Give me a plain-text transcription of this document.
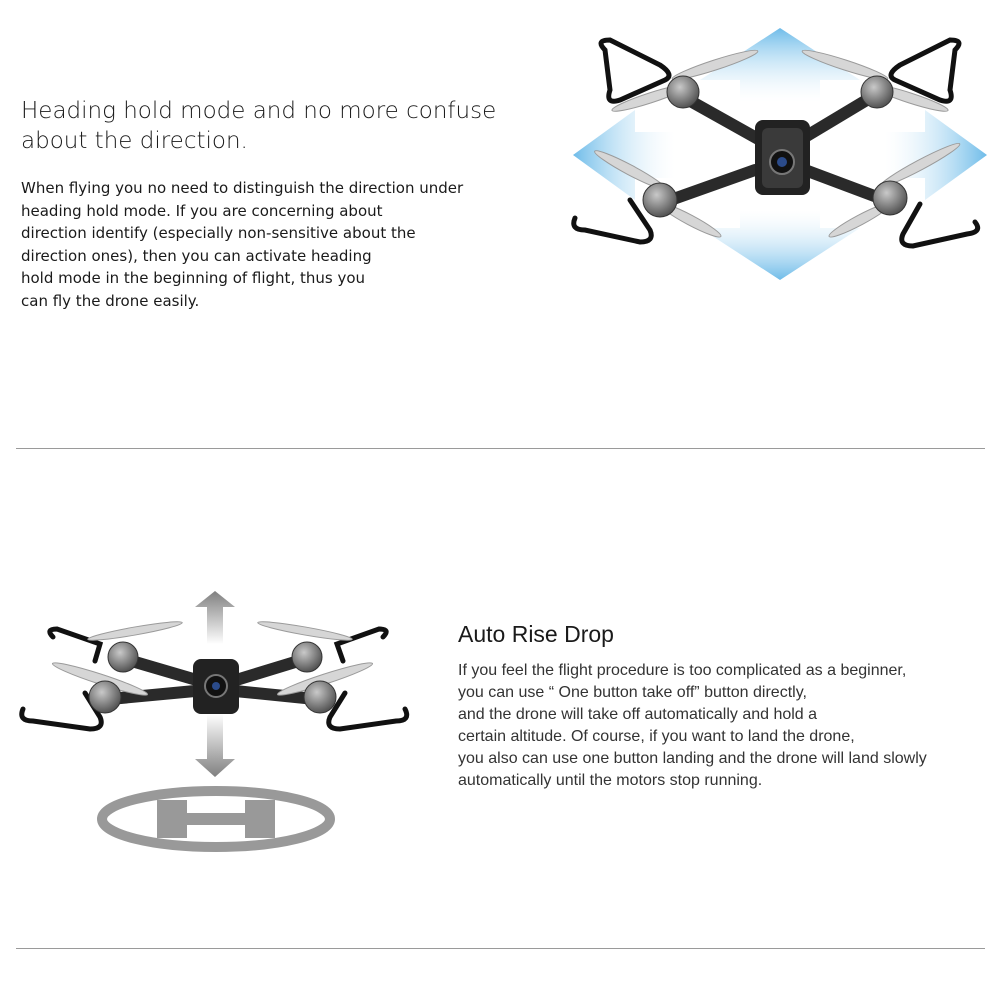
Heading hold mode and no more confuse
about the direction.

When flying you no need to distinguish the direction under
heading hold mode. If you are concerning about
direction identify (especially non-sensitive about the
direction ones), then you can activate heading
hold mode in the beginning of flight, thus you
can fly the drone easily.

Auto Rise Drop

If you feel the flight procedure is too complicated as a beginner,
you can use “ One button take off” button directly,
and the drone will take off automatically and hold a
certain altitude. Of course, if you want to land the drone,
you also can use one button landing and the drone will land slowly
automatically until the motors stop running.
